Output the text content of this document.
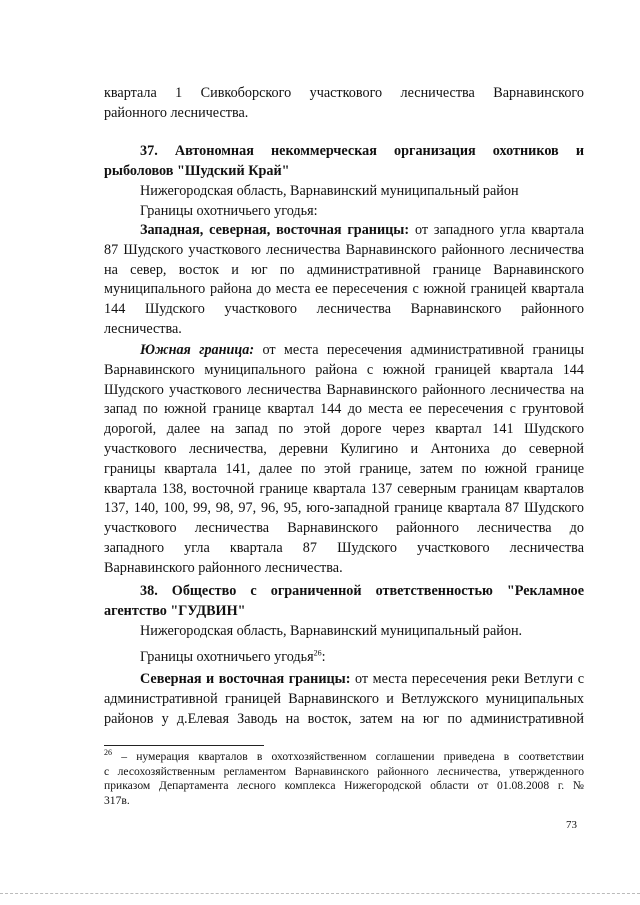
квартала 1 Сивкоборского участкового лесничества Варнавинского
районного лесничества.
37. Автономная некоммерческая организация охотников и
рыболовов "Шудский Край"
Нижегородская область, Варнавинский муниципальный район
Границы охотничьего угодья:
Западная, северная, восточная границы: от западного угла квартала
87 Шудского участкового лесничества Варнавинского районного лесничества
на север, восток и юг по административной границе Варнавинского
муниципального района до места ее пересечения с южной границей квартала
144 Шудского участкового лесничества Варнавинского районного
лесничества.
Южная граница: от места пересечения административной границы
Варнавинского муниципального района с южной границей квартала 144
Шудского участкового лесничества Варнавинского районного лесничества на
запад по южной границе квартал 144 до места ее пересечения с грунтовой
дорогой, далее на запад по этой дороге через квартал 141 Шудского
участкового лесничества, деревни Кулигино и Антониха до северной
границы квартала 141, далее по этой границе, затем по южной границе
квартала 138, восточной границе квартала 137 северным границам кварталов
137, 140, 100, 99, 98, 97, 96, 95, юго-западной границе квартала 87 Шудского
участкового лесничества Варнавинского районного лесничества до
западного угла квартала 87 Шудского участкового лесничества
Варнавинского районного лесничества.
38. Общество с ограниченной ответственностью "Рекламное
агентство "ГУДВИН"
Нижегородская область, Варнавинский муниципальный район.
Границы охотничьего угодья$^{26}$:
Северная и восточная границы: от места пересечения реки Ветлуги с
административной границей Варнавинского и Ветлужского муниципальных
районов у д.Елевая Заводь на восток, затем на юг по административной
$^{26}$ – нумерация кварталов в охотхозяйственном соглашении приведена в соответствии
с лесохозяйственным регламентом Варнавинского районного лесничества, утвержденного
приказом Департамента лесного комплекса Нижегородской области от 01.08.2008 г. №
317в.
73
